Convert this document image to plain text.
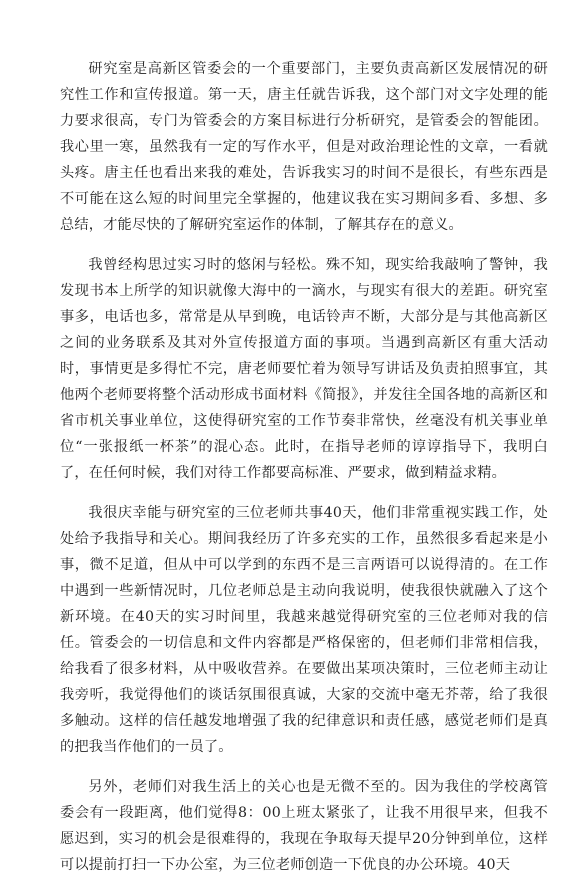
研究室是高新区管委会的一个重要部门，主要负责高新区发展情况的研究性工作和宣传报道。第一天，唐主任就告诉我，这个部门对文字处理的能力要求很高，专门为管委会的方案目标进行分析研究，是管委会的智能团。我心里一寒，虽然我有一定的写作水平，但是对政治理论性的文章，一看就头疼。唐主任也看出来我的难处，告诉我实习的时间不是很长，有些东西是不可能在这么短的时间里完全掌握的，他建议我在实习期间多看、多想、多总结，才能尽快的了解研究室运作的体制，了解其存在的意义。

我曾经构思过实习时的悠闲与轻松。殊不知，现实给我敲响了警钟，我发现书本上所学的知识就像大海中的一滴水，与现实有很大的差距。研究室事多，电话也多，常常是从早到晚，电话铃声不断，大部分是与其他高新区之间的业务联系及其对外宣传报道方面的事项。当遇到高新区有重大活动时，事情更是多得忙不完，唐老师要忙着为领导写讲话及负责拍照事宜，其他两个老师要将整个活动形成书面材料《简报》，并发往全国各地的高新区和省市机关事业单位，这使得研究室的工作节奏非常快，丝毫没有机关事业单位“一张报纸一杯茶”的混心态。此时，在指导老师的谆谆指导下，我明白了，在任何时候，我们对待工作都要高标准、严要求，做到精益求精。

我很庆幸能与研究室的三位老师共事40天，他们非常重视实践工作，处处给予我指导和关心。期间我经历了许多充实的工作，虽然很多看起来是小事，微不足道，但从中可以学到的东西不是三言两语可以说得清的。在工作中遇到一些新情况时，几位老师总是主动向我说明，使我很快就融入了这个新环境。在40天的实习时间里，我越来越觉得研究室的三位老师对我的信任。管委会的一切信息和文件内容都是严格保密的，但老师们非常相信我，给我看了很多材料，从中吸收营养。在要做出某项决策时，三位老师主动让我旁听，我觉得他们的谈话氛围很真诚，大家的交流中毫无芥蒂，给了我很多触动。这样的信任越发地增强了我的纪律意识和责任感，感觉老师们是真的把我当作他们的一员了。

另外，老师们对我生活上的关心也是无微不至的。因为我住的学校离管委会有一段距离，他们觉得8：00上班太紧张了，让我不用很早来，但我不愿迟到，实习的机会是很难得的，我现在争取每天提早20分钟到单位，这样可以提前打扫一下办公室，为三位老师创造一下优良的办公环境。40天
